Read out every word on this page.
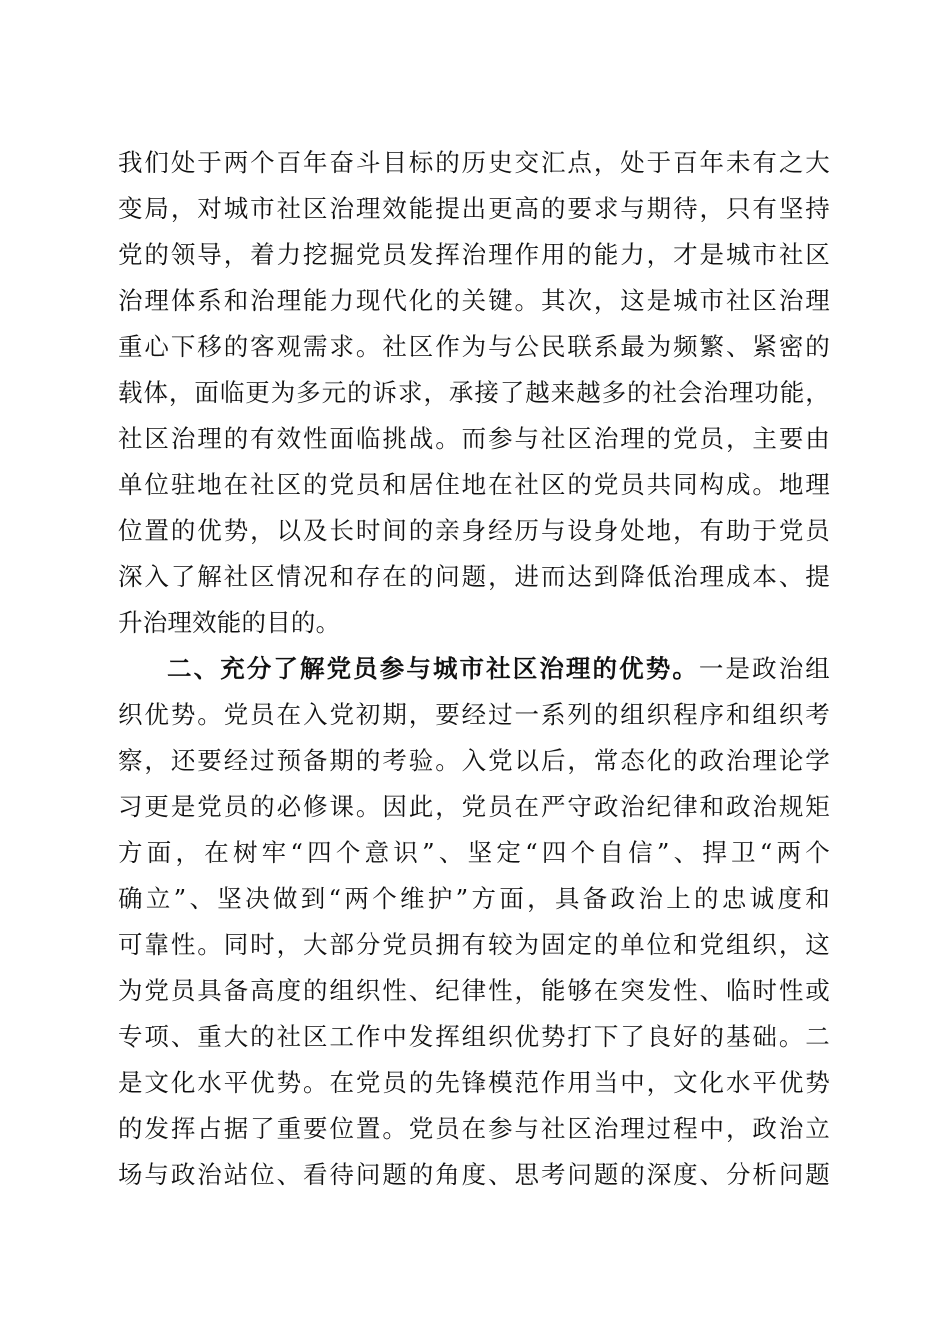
我们处于两个百年奋斗目标的历史交汇点，处于百年未有之大
变局，对城市社区治理效能提出更高的要求与期待，只有坚持
党的领导，着力挖掘党员发挥治理作用的能力，才是城市社区
治理体系和治理能力现代化的关键。其次，这是城市社区治理
重心下移的客观需求。社区作为与公民联系最为频繁、紧密的
载体，面临更为多元的诉求，承接了越来越多的社会治理功能，
社区治理的有效性面临挑战。而参与社区治理的党员，主要由
单位驻地在社区的党员和居住地在社区的党员共同构成。地理
位置的优势，以及长时间的亲身经历与设身处地，有助于党员
深入了解社区情况和存在的问题，进而达到降低治理成本、提
升治理效能的目的。
二、充分了解党员参与城市社区治理的优势。一是政治组
织优势。党员在入党初期，要经过一系列的组织程序和组织考
察，还要经过预备期的考验。入党以后，常态化的政治理论学
习更是党员的必修课。因此，党员在严守政治纪律和政治规矩
方面，在树牢“四个意识”、坚定“四个自信”、捍卫“两个
确立”、坚决做到“两个维护”方面，具备政治上的忠诚度和
可靠性。同时，大部分党员拥有较为固定的单位和党组织，这
为党员具备高度的组织性、纪律性，能够在突发性、临时性或
专项、重大的社区工作中发挥组织优势打下了良好的基础。二
是文化水平优势。在党员的先锋模范作用当中，文化水平优势
的发挥占据了重要位置。党员在参与社区治理过程中，政治立
场与政治站位、看待问题的角度、思考问题的深度、分析问题
